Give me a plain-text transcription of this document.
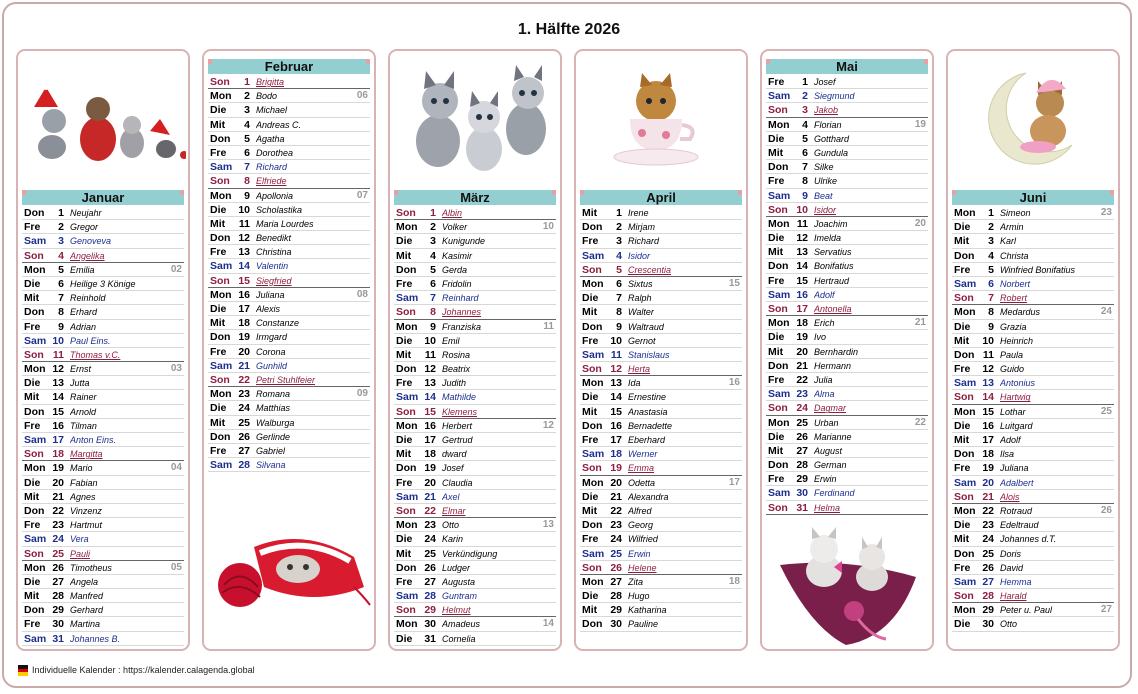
1. Hälfte 2026
Januar
Don	1 Neujahr
Fre	2 Gregor
Sam	3 Genoveva
Son	4 Angelika
Mon	5 Emilia	02
Die	6 Heilige 3 Könige
Mit	7 Reinhold
Don	8 Erhard
Fre	9 Adrian
Sam 10 Paul Eins.
Son 11 Thomas v.C.
Mon 12 Ernst	03
Die	13 Jutta
Mit	14 Rainer
Don 15 Arnold
Fre	16 Tilman
Sam 17 Anton Eins.
Son 18 Margitta
Mon 19 Mario	04
Die	20 Fabian
Mit	21 Agnes
Don 22 Vinzenz
Fre	23 Hartmut
Sam 24 Vera
Son 25 Pauli
Mon 26 Timotheus	05
Die	27 Angela
Mit	28 Manfred
Don 29 Gerhard
Fre	30 Martina
Sam 31 Johannes B.
Februar
Son	1 Brigitta
Mon	2 Bodo	06
Die	3 Michael
Mit	4 Andreas C.
Don	5 Agatha
Fre	6 Dorothea
Sam	7 Richard
Son	8 Elfriede
Mon	9 Apollonia	07
Die	10 Scholastika
Mit	11 Maria Lourdes
Don 12 Benedikt
Fre	13 Christina
Sam 14 Valentin
Son 15 Siegfried
Mon 16 Juliana	08
Die	17 Alexis
Mit	18 Constanze
Don 19 Irmgard
Fre	20 Corona
Sam 21 Gunhild
Son 22 Petri Stuhlfeier
Mon 23 Romana	09
Die	24 Matthias
Mit	25 Walburga
Don 26 Gerlinde
Fre	27 Gabriel
Sam 28 Silvana
März
Son	1 Albin
Mon	2 Volker	10
Die	3 Kunigunde
Mit	4 Kasimir
Don	5 Gerda
Fre	6 Fridolin
Sam	7 Reinhard
Son	8 Johannes
Mon	9 Franziska	11
Die	10 Emil
Mit	11 Rosina
Don 12 Beatrix
Fre	13 Judith
Sam 14 Mathilde
Son 15 Klemens
Mon 16 Herbert	12
Die	17 Gertrud
Mit	18 dward
Don 19 Josef
Fre	20 Claudia
Sam 21 Axel
Son 22 Elmar
Mon 23 Otto	13
Die	24 Karin
Mit	25 Verkündigung
Don 26 Ludger
Fre	27 Augusta
Sam 28 Guntram
Son 29 Helmut
Mon 30 Amadeus	14
Die	31 Cornelia
April
Mit	1 Irene
Don	2 Mirjam
Fre	3 Richard
Sam	4 Isidor
Son	5 Crescentia
Mon	6 Sixtus	15
Die	7 Ralph
Mit	8 Walter
Don	9 Waltraud
Fre	10 Gernot
Sam 11 Stanislaus
Son 12 Herta
Mon 13 Ida	16
Die	14 Ernestine
Mit	15 Anastasia
Don 16 Bernadette
Fre	17 Eberhard
Sam 18 Werner
Son 19 Emma
Mon 20 Odetta	17
Die	21 Alexandra
Mit	22 Alfred
Don 23 Georg
Fre	24 Wilfried
Sam 25 Erwin
Son 26 Helene
Mon 27 Zita	18
Die	28 Hugo
Mit	29 Katharina
Don 30 Pauline
Mai
Fre	1 Josef
Sam	2 Siegmund
Son	3 Jakob
Mon	4 Florian	19
Die	5 Gotthard
Mit	6 Gundula
Don	7 Silke
Fre	8 Ulrike
Sam	9 Beat
Son 10 Isidor
Mon 11 Joachim	20
Die	12 Imelda
Mit	13 Servatius
Don 14 Bonifatius
Fre	15 Hertraud
Sam 16 Adolf
Son 17 Antonella
Mon 18 Erich	21
Die	19 Ivo
Mit	20 Bernhardin
Don 21 Hermann
Fre	22 Julia
Sam 23 Alma
Son 24 Dagmar
Mon 25 Urban	22
Die	26 Marianne
Mit	27 August
Don 28 German
Fre	29 Erwin
Sam 30 Ferdinand
Son 31 Helma
Juni
Mon	1 Simeon	23
Die	2 Armin
Mit	3 Karl
Don	4 Christa
Fre	5 Winfried Bonifatius
Sam	6 Norbert
Son	7 Robert
Mon	8 Medardus	24
Die	9 Grazia
Mit	10 Heinrich
Don 11 Paula
Fre	12 Guido
Sam 13 Antonius
Son 14 Hartwig
Mon 15 Lothar	25
Die	16 Luitgard
Mit	17 Adolf
Don 18 Ilsa
Fre	19 Juliana
Sam 20 Adalbert
Son 21 Alois
Mon 22 Rotraud	26
Die	23 Edeltraud
Mit	24 Johannes d.T.
Don 25 Doris
Fre	26 David
Sam 27 Hemma
Son 28 Harald
Mon 29 Peter u. Paul	27
Die	30 Otto
Individuelle Kalender : https://kalender.calagenda.global
